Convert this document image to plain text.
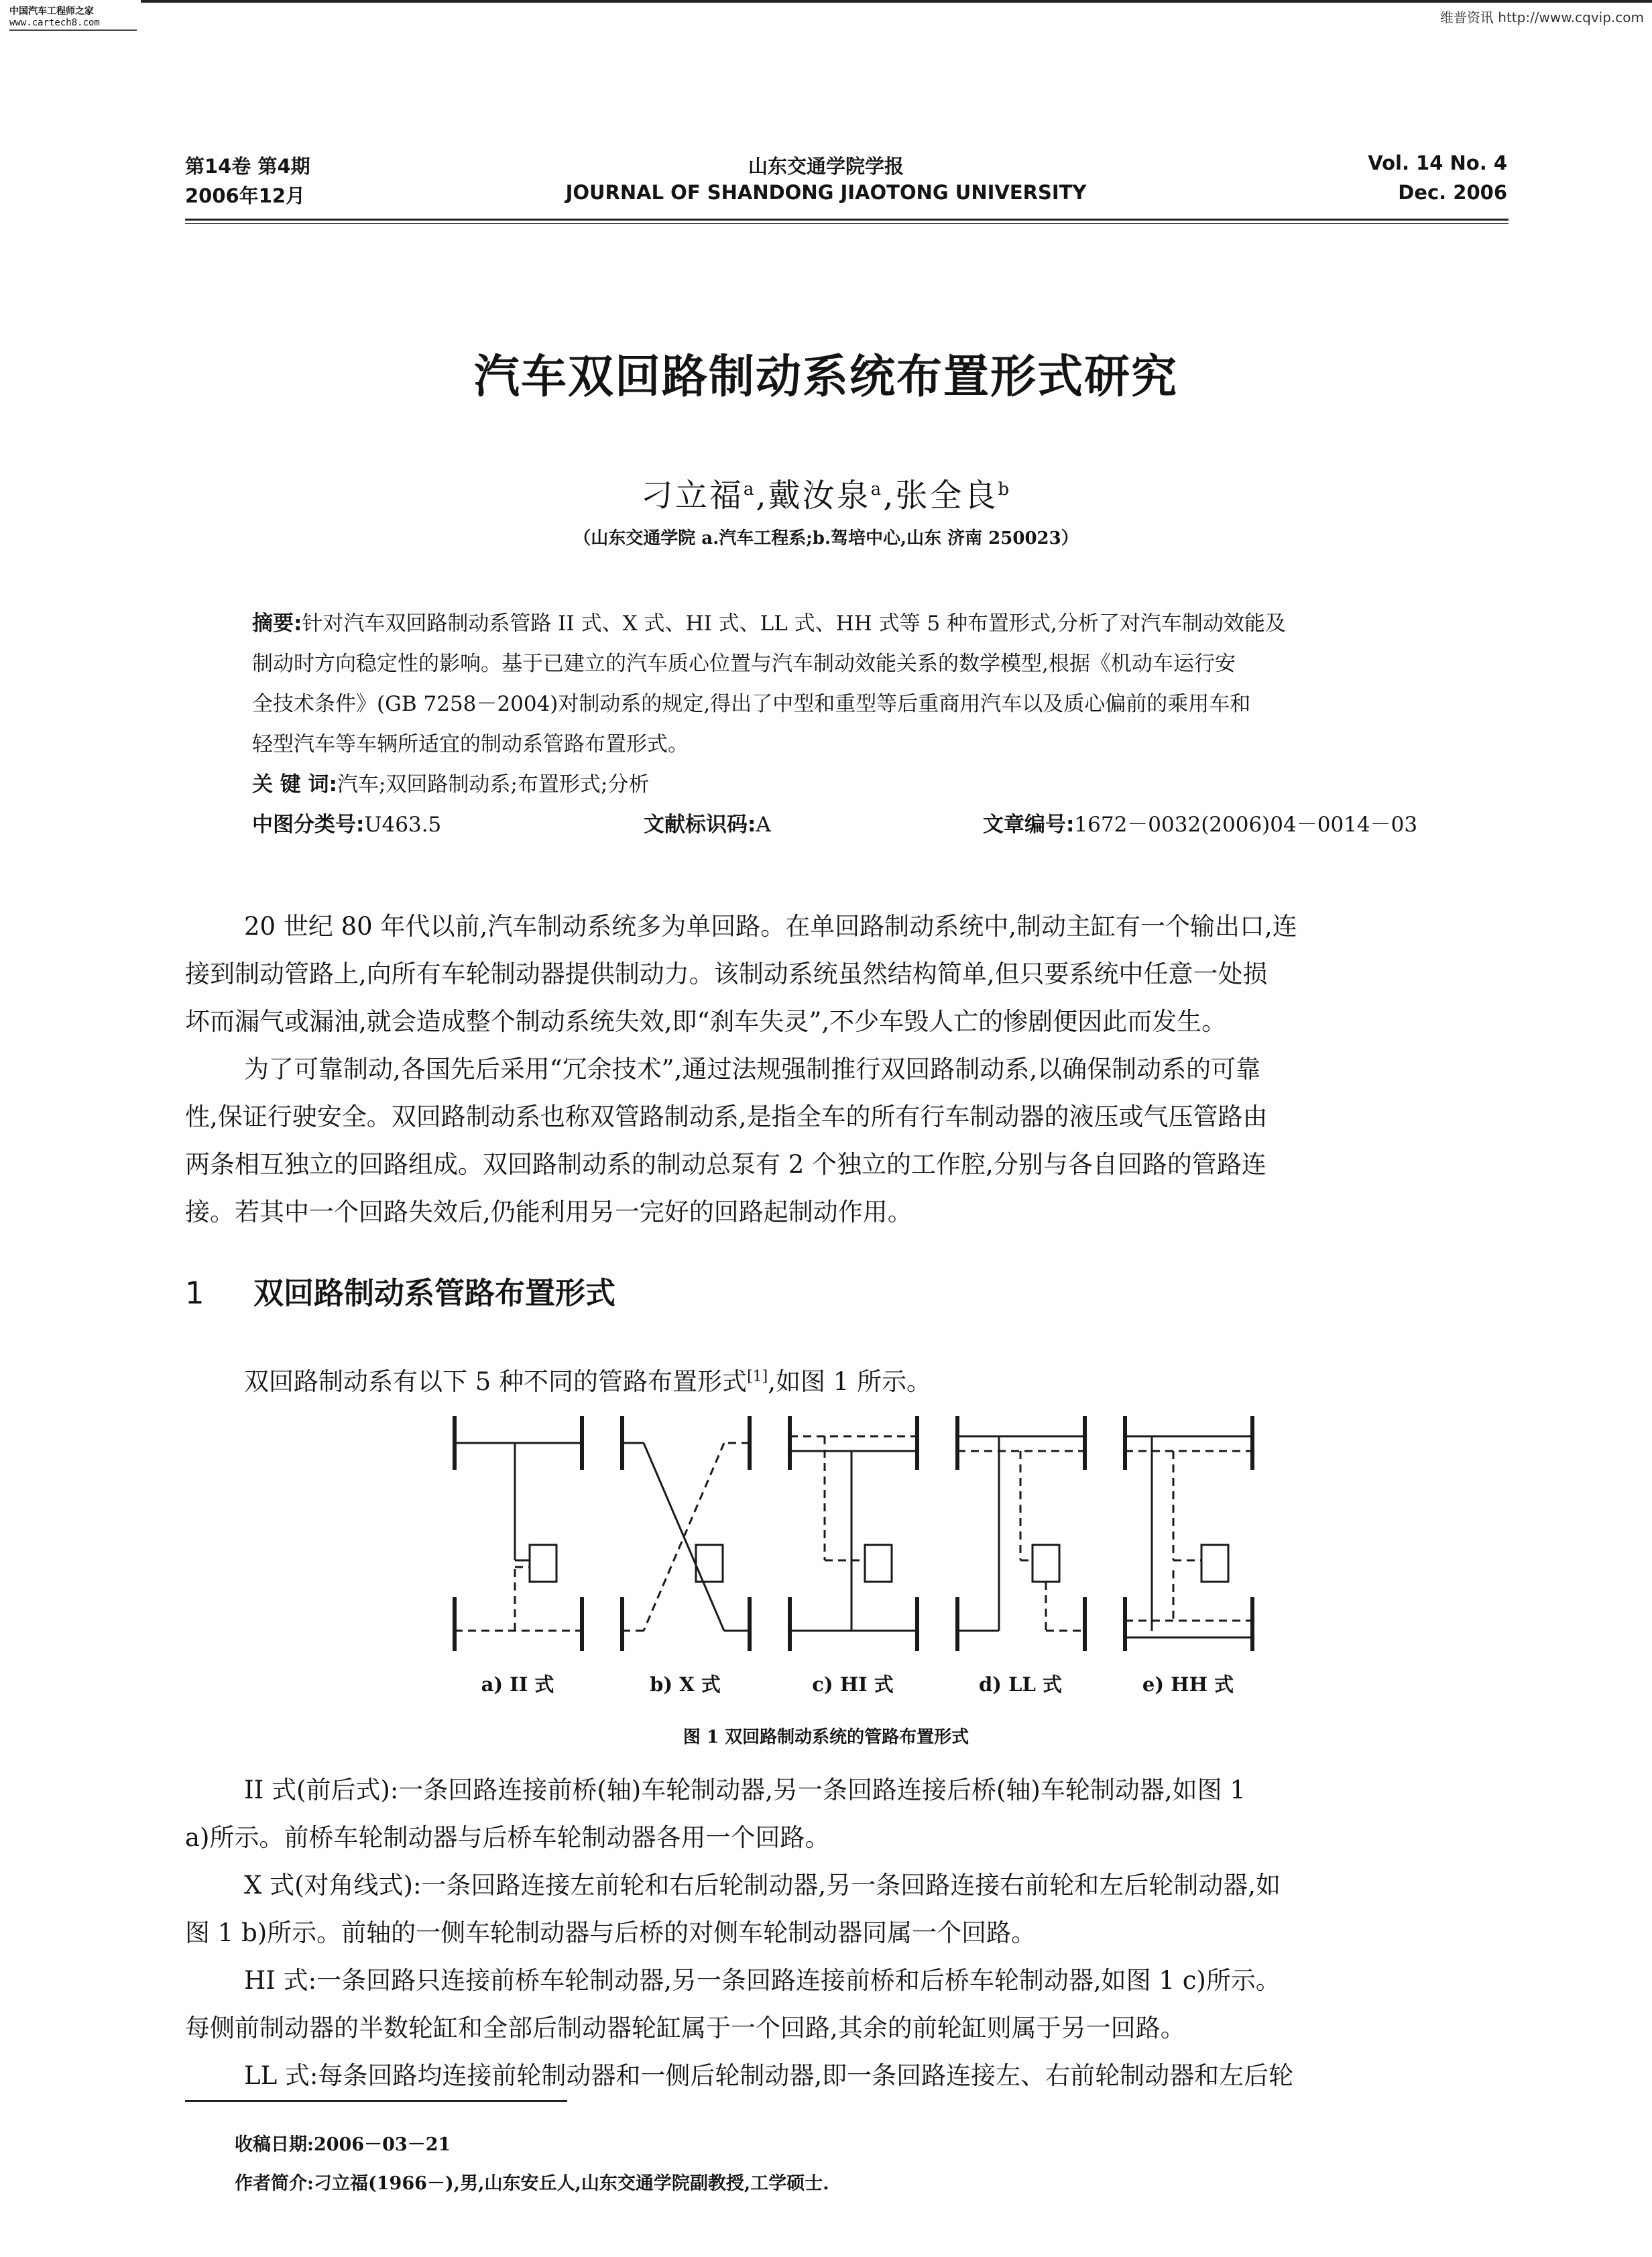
中国汽车工程师之家
www.cartech8.com	维普资讯 http://www.cqvip.com
第14卷 第4期
2006年12月
山东交通学院学报
JOURNAL OF SHANDONG JIAOTONG UNIVERSITY
Vol. 14 No. 4
Dec. 2006
汽车双回路制动系统布置形式研究
刁立福$^a$,戴汝泉$^a$,张全良$^b$
（山东交通学院 a.汽车工程系;b.驾培中心,山东 济南 250023）
摘要:针对汽车双回路制动系管路 II 式、X 式、HI 式、LL 式、HH 式等 5 种布置形式,分析了对汽车制动效能及
制动时方向稳定性的影响。基于已建立的汽车质心位置与汽车制动效能关系的数学模型,根据《机动车运行安
全技术条件》(GB 7258－2004)对制动系的规定,得出了中型和重型等后重商用汽车以及质心偏前的乘用车和
轻型汽车等车辆所适宜的制动系管路布置形式。
关 键 词:汽车;双回路制动系;布置形式;分析
中图分类号:U463.5	文献标识码:A	文章编号:1672－0032(2006)04－0014－03
20 世纪 80 年代以前,汽车制动系统多为单回路。在单回路制动系统中,制动主缸有一个输出口,连
接到制动管路上,向所有车轮制动器提供制动力。该制动系统虽然结构简单,但只要系统中任意一处损
坏而漏气或漏油,就会造成整个制动系统失效,即“刹车失灵”,不少车毁人亡的惨剧便因此而发生。
为了可靠制动,各国先后采用“冗余技术”,通过法规强制推行双回路制动系,以确保制动系的可靠
性,保证行驶安全。双回路制动系也称双管路制动系,是指全车的所有行车制动器的液压或气压管路由
两条相互独立的回路组成。双回路制动系的制动总泵有 2 个独立的工作腔,分别与各自回路的管路连
接。若其中一个回路失效后,仍能利用另一完好的回路起制动作用。
1 双回路制动系管路布置形式
双回路制动系有以下 5 种不同的管路布置形式[1],如图 1 所示。
a) II 式	b) X 式	c) HI 式	d) LL 式	e) HH 式
图 1 双回路制动系统的管路布置形式
II 式(前后式):一条回路连接前桥(轴)车轮制动器,另一条回路连接后桥(轴)车轮制动器,如图 1
a)所示。前桥车轮制动器与后桥车轮制动器各用一个回路。
X 式(对角线式):一条回路连接左前轮和右后轮制动器,另一条回路连接右前轮和左后轮制动器,如
图 1 b)所示。前轴的一侧车轮制动器与后桥的对侧车轮制动器同属一个回路。
HI 式:一条回路只连接前桥车轮制动器,另一条回路连接前桥和后桥车轮制动器,如图 1 c)所示。
每侧前制动器的半数轮缸和全部后制动器轮缸属于一个回路,其余的前轮缸则属于另一回路。
LL 式:每条回路均连接前轮制动器和一侧后轮制动器,即一条回路连接左、右前轮制动器和左后轮
收稿日期:2006－03－21
作者简介:刁立福(1966－),男,山东安丘人,山东交通学院副教授,工学硕士.
